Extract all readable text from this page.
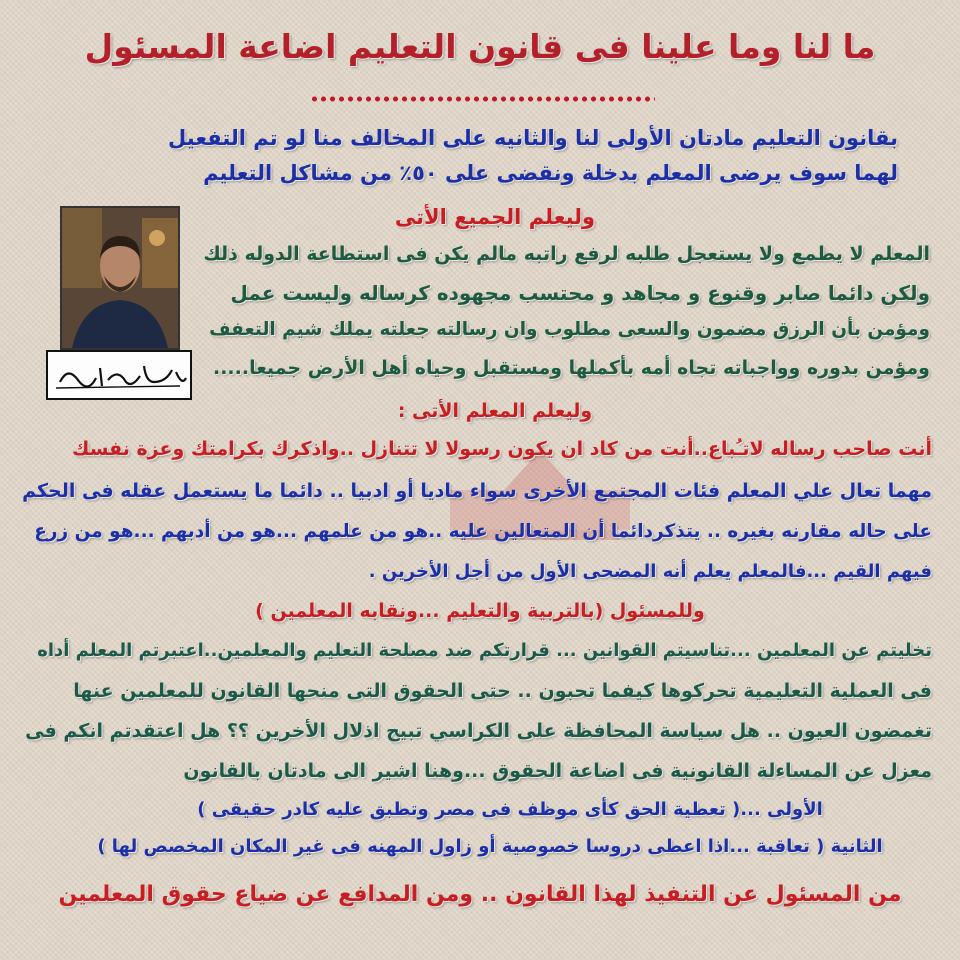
ما لنا وما علينا فى قانون التعليم اضاعة المسئول
بقانون التعليم مادتان الأولى لنا والثانيه على المخالف منا لو تم التفعيل
لهما سوف يرضى المعلم بدخلة ونقضى على ٥٠٪ من مشاكل التعليم
وليعلم الجميع الأتى
المعلم لا يطمع ولا يستعجل طلبه لرفع راتبه مالم يكن فى استطاعة الدوله ذلك
ولكن دائما صابر وقنوع و مجاهد و محتسب مجهوده كرساله وليست عمل
ومؤمن بأن الرزق مضمون والسعى مطلوب وان رسالته جعلته يملك شيم التعفف
ومؤمن بدوره وواجباته تجاه أمه بأكملها ومستقبل وحياه أهل الأرض جميعا.....
وليعلم المعلم الأتى :
أنت صاحب رساله لاتـُباع..أنت من كاد ان يكون رسولا لا تتنازل ..واذكرك بكرامتك وعزة نفسك
مهما تعال علي المعلم فئات المجتمع الأخرى سواء ماديا أو ادبيا .. دائما ما يستعمل عقله فى الحكم
على حاله مقارنه بغيره .. يتذكردائما أن المتعالين عليه ..هو من علمهم ...هو من أدبهم ...هو من زرع
فيهم القيم ...فالمعلم يعلم أنه المضحى الأول من أجل الأخرين .
وللمسئول (بالتربية والتعليم ...ونقابه المعلمين )
تخليتم عن المعلمين ...تناسيتم القوانين ... قرارتكم ضد مصلحة التعليم والمعلمين..اعتبرتم المعلم أداه
فى العملية التعليمية تحركوها كيفما تحبون .. حتى الحقوق التى منحها القانون للمعلمين عنها
تغمضون العيون .. هل سياسة المحافظة على الكراسي تبيح اذلال الأخرين ؟؟ هل اعتقدتم انكم فى
معزل عن المساءلة القانونية فى اضاعة الحقوق ...وهنا اشير الى مادتان بالقانون
الأولى ...( تعطية الحق كأى موظف فى مصر وتطبق عليه كادر حقيقى )
الثانية ( تعاقبة ...اذا اعطى دروسا خصوصية أو زاول المهنه فى غير المكان المخصص لها )
من المسئول عن التنفيذ لهذا القانون .. ومن المدافع عن ضياع حقوق المعلمين
